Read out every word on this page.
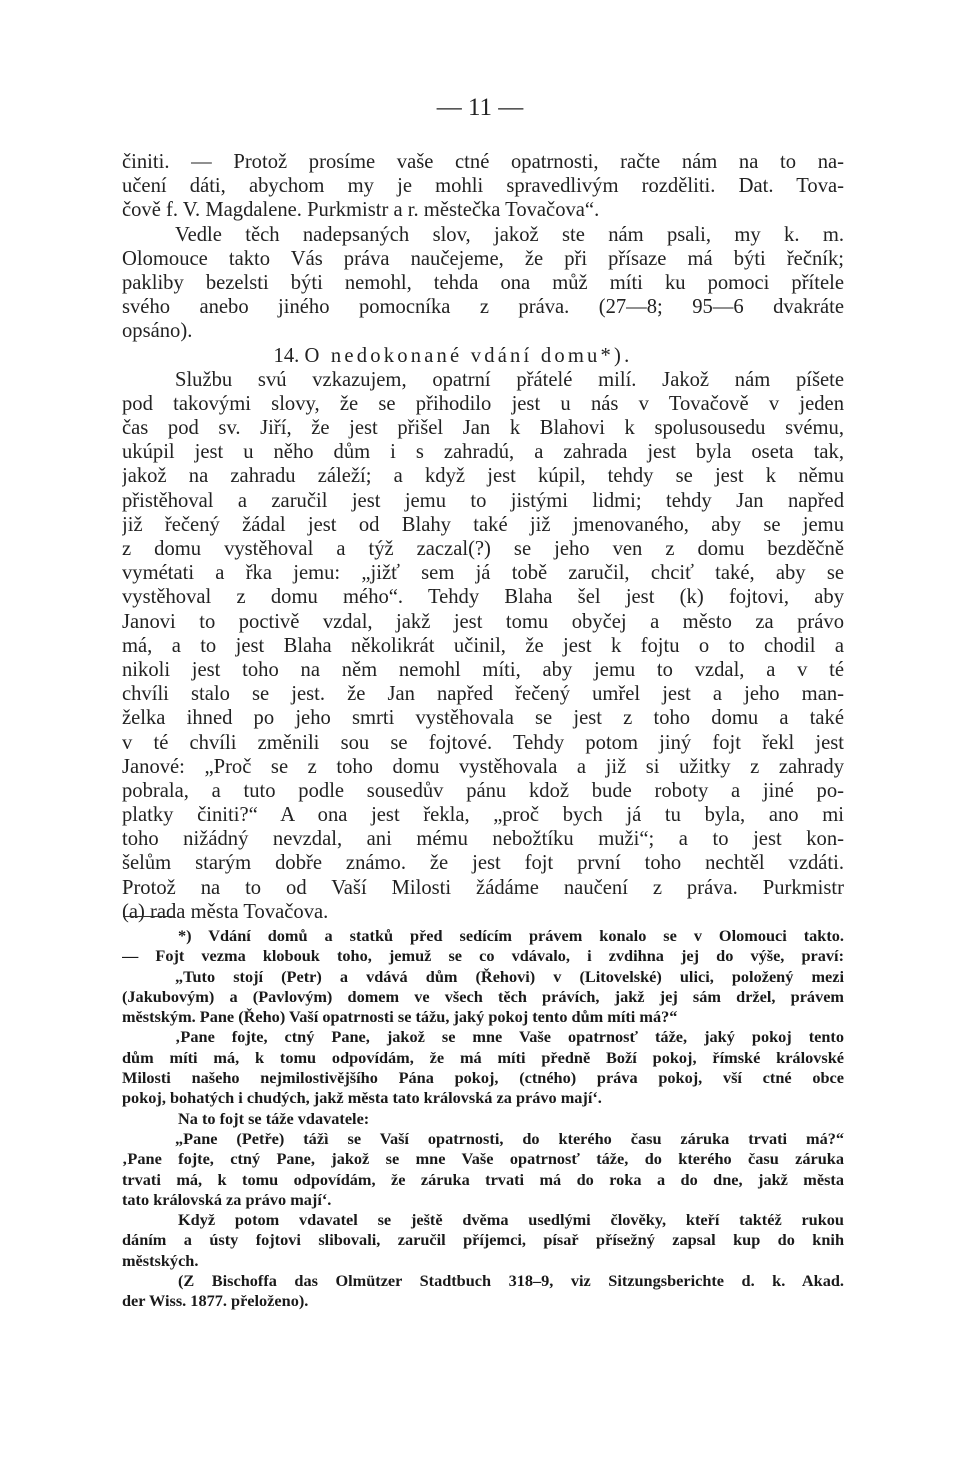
— 11 —
činiti. — Protož prosíme vaše ctné opatrnosti, račte nám na to na-
učení dáti, abychom my je mohli spravedlivým rozděliti. Dat. Tova-
čově f. V. Magdalene. Purkmistr a r. městečka Tovačova“.
Vedle těch nadepsaných slov, jakož ste nám psali, my k. m.
Olomouce takto Vás práva naučejeme, že při přísaze má býti řečník;
pakliby bezelsti býti nemohl, tehda ona můž míti ku pomoci přítele
svého anebo jiného pomocníka z práva. (27—8; 95—6 dvakráte
opsáno).
14. O nedokonané vdání domu*).
Službu svú vzkazujem, opatrní přátelé milí. Jakož nám píšete
pod takovými slovy, že se přihodilo jest u nás v Tovačově v jeden
čas pod sv. Jiří, že jest přišel Jan k Blahovi k spolusousedu svému,
ukúpil jest u něho dům i s zahradú, a zahrada jest byla oseta tak,
jakož na zahradu záleží; a když jest kúpil, tehdy se jest k němu
přistěhoval a zaručil jest jemu to jistými lidmi; tehdy Jan napřed
již řečený žádal jest od Blahy také již jmenovaného, aby se jemu
z domu vystěhoval a týž zaczal(?) se jeho ven z domu bezděčně
vymétati a řka jemu: „jižť sem já tobě zaručil, chciť také, aby se
vystěhoval z domu mého“. Tehdy Blaha šel jest (k) fojtovi, aby
Janovi to poctivě vzdal, jakž jest tomu obyčej a město za právo
má, a to jest Blaha několikrát učinil, že jest k fojtu o to chodil a
nikoli jest toho na něm nemohl míti, aby jemu to vzdal, a v té
chvíli stalo se jest. že Jan napřed řečený umřel jest a jeho man-
želka ihned po jeho smrti vystěhovala se jest z toho domu a také
v té chvíli změnili sou se fojtové. Tehdy potom jiný fojt řekl jest
Janové: „Proč se z toho domu vystěhovala a již si užitky z zahrady
pobrala, a tuto podle sousedův pánu kdož bude roboty a jiné po-
platky činiti?“ A ona jest řekla, „proč bych já tu byla, ano mi
toho nižádný nevzdal, ani mému nebožtíku muži“; a to jest kon-
šelům starým dobře známo. že jest fojt první toho nechtěl vzdáti.
Protož na to od Vaší Milosti žádáme naučení z práva. Purkmistr
(a) rada města Tovačova.
*) Vdání domů a statků před sedícím právem konalo se v Olomouci takto.
— Fojt vezma klobouk toho, jemuž se co vdávalo, i zvdihna jej do výše, praví:
„Tuto stojí (Petr) a vdává dům (Řehovi) v (Litovelské) ulici, položený mezi
(Jakubovým) a (Pavlovým) domem ve všech těch právích, jakž jej sám držel, právem
městským. Pane (Řeho) Vaší opatrnosti se tážu, jaký pokoj tento dům míti má?“
‚Pane fojte, ctný Pane, jakož se mne Vaše opatrnosť táže, jaký pokoj tento
dům míti má, k tomu odpovídám, že má míti předně Boží pokoj, římské královské
Milosti našeho nejmilostivějšího Pána pokoj, (ctného) práva pokoj, vší ctné obce
pokoj, bohatých i chudých, jakž města tato královská za právo mají‘.
Na to fojt se táže vdavatele:
„Pane (Petře) tážì se Vaší opatrnosti, do kterého času záruka trvati má?“
‚Pane fojte, ctný Pane, jakož se mne Vaše opatrnosť táže, do kterého času záruka
trvati má, k tomu odpovídám, že záruka trvati má do roka a do dne, jakž města
tato královská za právo mají‘.
Když potom vdavatel se ještě dvěma usedlými člověky, kteří taktéž rukou
dáním a ústy fojtovi slibovali, zaručil příjemci, písař přísežný zapsal kup do knih
městských.
(Z Bischoffa das Olmützer Stadtbuch 318–9, viz Sitzungsberichte d. k. Akad.
der Wiss. 1877. přeloženo).
